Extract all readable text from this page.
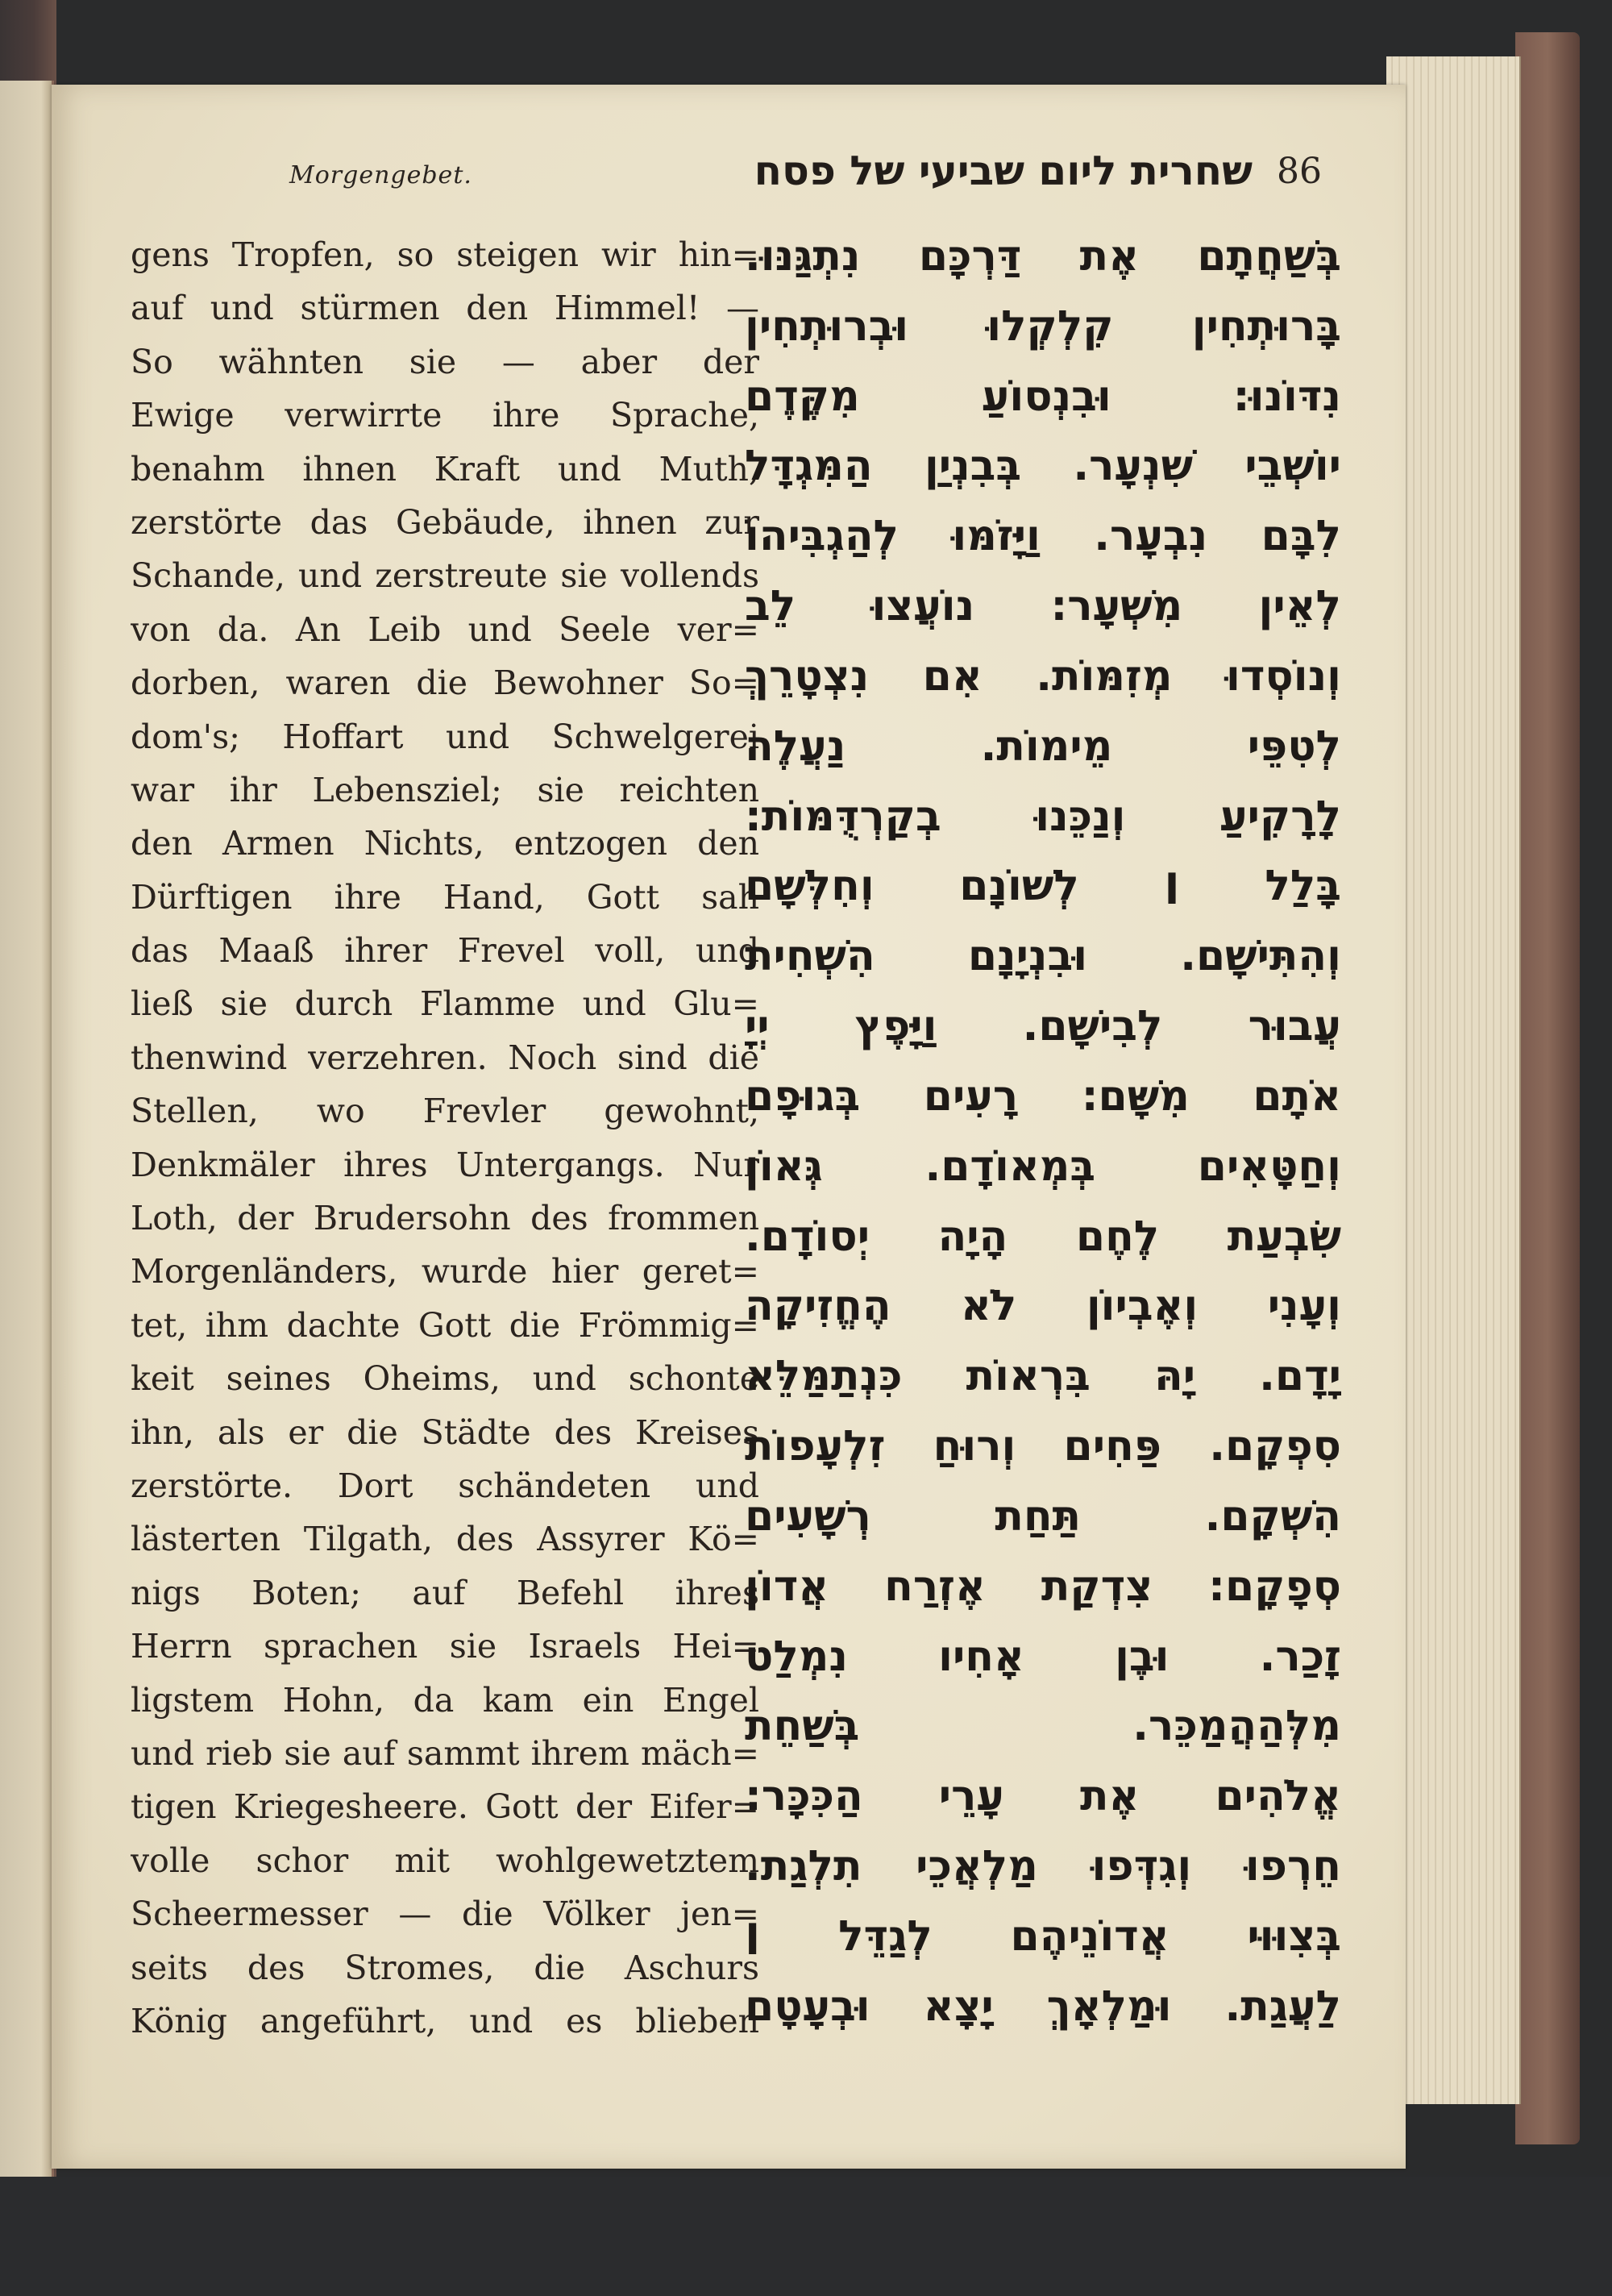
Morgengebet.	שחרית ליום שביעי של פסח 86
gens Tropfen, so steigen wir hin=
auf und stürmen den Himmel! —
So wähnten sie — aber der
Ewige verwirrte ihre Sprache,
benahm ihnen Kraft und Muth,
zerstörte das Gebäude, ihnen zur
Schande, und zerstreute sie vollends
von da. An Leib und Seele ver=
dorben, waren die Bewohner So=
dom's; Hoffart und Schwelgerei
war ihr Lebensziel; sie reichten
den Armen Nichts, entzogen den
Dürftigen ihre Hand, Gott sah
das Maaß ihrer Frevel voll, und
ließ sie durch Flamme und Glu=
thenwind verzehren. Noch sind die
Stellen, wo Frevler gewohnt,
Denkmäler ihres Untergangs. Nur
Loth, der Brudersohn des frommen
Morgenländers, wurde hier geret=
tet, ihm dachte Gott die Frömmig=
keit seines Oheims, und schonte
ihn, als er die Städte des Kreises
zerstörte. Dort schändeten und
lästerten Tilgath, des Assyrer Kö=
nigs Boten; auf Befehl ihres
Herrn sprachen sie Israels Hei=
ligstem Hohn, da kam ein Engel
und rieb sie auf sammt ihrem mäch=
tigen Kriegesheere. Gott der Eifer=
volle schor mit wohlgewetztem
Scheermesser — die Völker jen=
seits des Stromes, die Aschurs
König angeführt, und es blieben
בְּשַׁחֲתָם אֶת דַּרְכָּם נִתְגַּנּוּ.
בָּרוּתְחִין קִלְקְלוּ וּבְרוּתְחִין
נִדּוֹנוּ: וּבִנְסוֹעַ מִקֶּדֶם
יוֹשְׁבֵי שִׁנְעָר. בְּבִנְיַן הַמִּגְדָּל
לִבָּם נִבְעָר. וַיָּזֹמּוּ לְהַגְבִּיהוֹ
לְאֵין מִשְׁעָר: נוֹעֲצוּ לֵב
וְנוֹסְדוּ מְזִמּוֹת. אִם נִצְטָרֵךְ
לְטִפֵּי מֵימוֹת. נַעֲלֶה
לָרָקִיעַ וְנַכֵּנוּ בְקַרְדֻּמּוֹת:
בָּלַל ׀ לְשׁוֹנָם וְחִלְּשָׁם
וְהִתִּישָׁם. וּבִנְיָנָם הִשְׁחִית
עֲבוּר לְבִישָׁם. וַיָּפֶץ יְיָ
אֹתָם מִשָּׁם: רָעִים בְּגוּפָם
וְחַטָּאִים בְּמְאוֹדָם. גְּאוֹן
שִׂבְעַת לֶחֶם הָיָה יְסוֹדָם.
וְעָנִי וְאֶבְיוֹן לֹא הֶחֱזִיקָה
יָדָם. יָהּ בִּרְאוֹת כִּנְתַמַּלֵּא
סִפְקָם. פַּחִים וְרוּחַ זִלְעָפוֹת
הִשְׁקָם. תַּחַת רְשָׁעִים
סְפָקָם: צִדְקַת אֶזְרַח אֲדוֹן
זָכַר. וּבֶן אָחִיו נִמְלַט
מִלְּהַהֲמַכֵּר. בְּשַׁחֵת
אֱלֹהִים אֶת עָרֵי הַכִּכָּר:
חֵרְפוּ וְגִדְּפוּ מַלְאֲכֵי תִלְגַת.
בְּצִוּוּי אֲדוֹנֵיהֶם לְגַדֵּל ׀
לַעֲגַת. וּמַלְאָךְ יָצָא וּבְעָטָם
